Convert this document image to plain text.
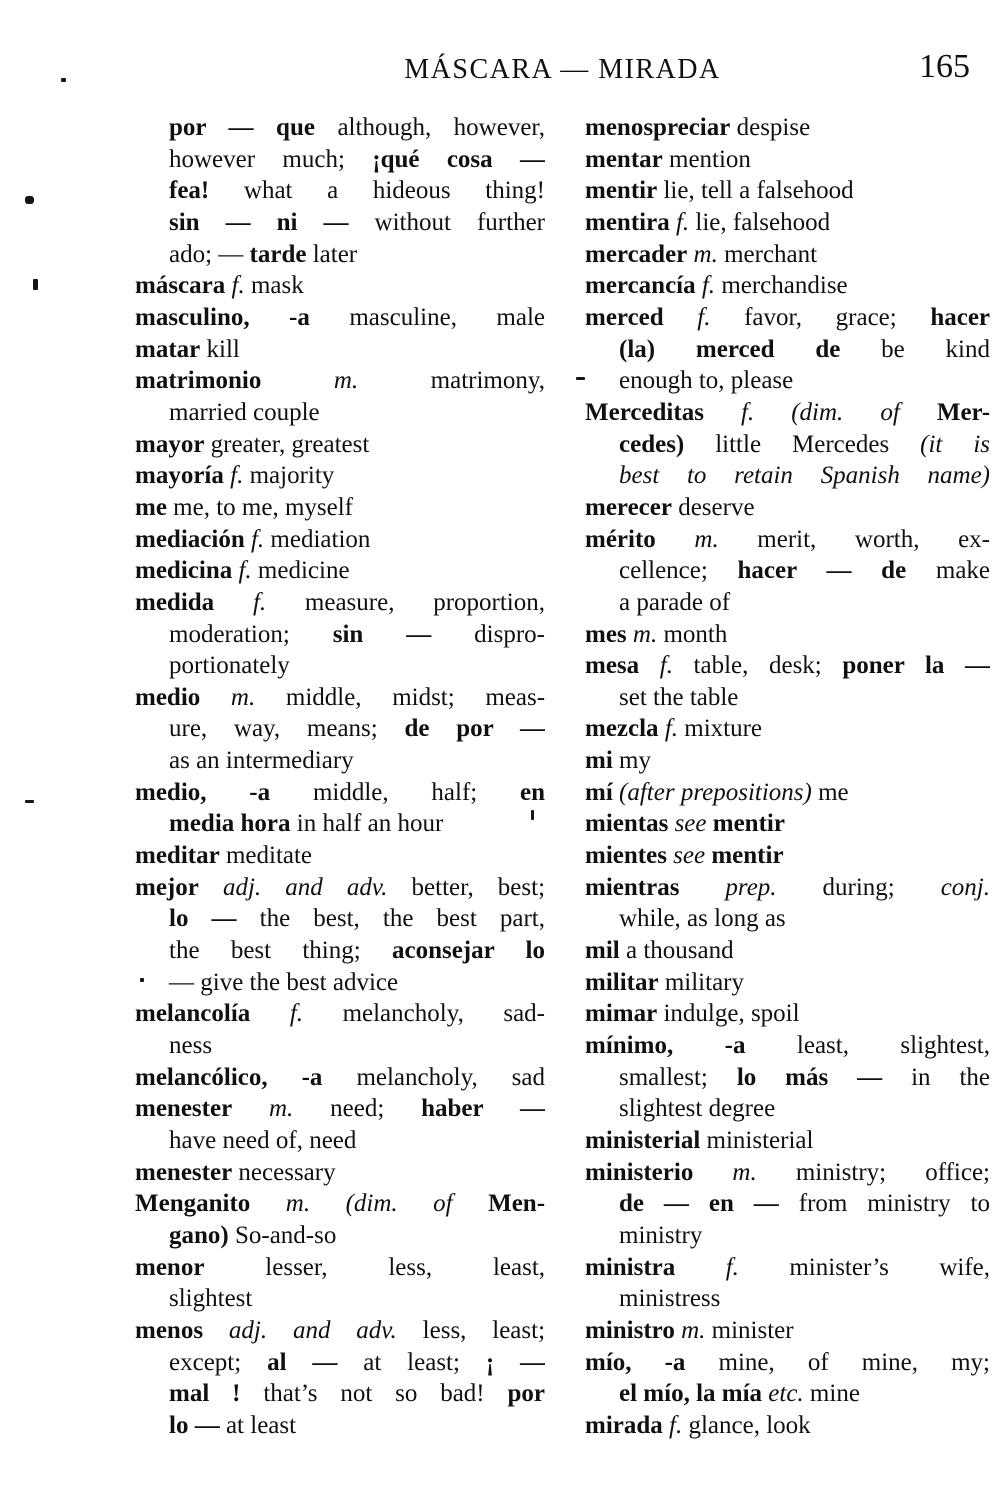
MÁSCARA — MIRADA	165
por — que although, however,
however much; ¡qué cosa —
fea! what a hideous thing!
sin — ni — without further
ado; — tarde later
máscara f. mask
masculino, -a masculine, male
matar kill
matrimonio	m.	matrimony,
married couple
mayor greater, greatest
mayoría f. majority
me me, to me, myself
mediación f. mediation
medicina f. medicine
medida f. measure, proportion,
moderation; sin — dispro-
portionately
medio m. middle, midst; meas-
ure, way, means; de por —
as an intermediary
medio, -a middle, half; en
media hora in half an hour
meditar meditate
mejor adj. and adv. better, best;
lo — the best, the best part,
the best thing; aconsejar lo
— give the best advice
melancolía f. melancholy, sad-
ness
melancólico, -a melancholy, sad
menester m. need; haber —
have need of, need
menester necessary
Menganito m. (dim. of Men-
gano) So-and-so
menor lesser, less, least,
slightest
menos adj. and adv. less, least;
except; al — at least; ¡ —
mal ! that’s not so bad! por
lo — at least
menospreciar despise
mentar mention
mentir lie, tell a falsehood
mentira f. lie, falsehood
mercader m. merchant
mercancía f. merchandise
merced f. favor, grace; hacer
(la) merced de be kind
enough to, please
Merceditas f. (dim. of Mer-
cedes) little Mercedes (it is
best to retain Spanish name)
merecer deserve
mérito m. merit, worth, ex-
cellence; hacer — de make
a parade of
mes m. month
mesa f. table, desk; poner la —
set the table
mezcla f. mixture
mi my
mí (after prepositions) me
mientas see mentir
mientes see mentir
mientras prep. during; conj.
while, as long as
mil a thousand
militar military
mimar indulge, spoil
mínimo, -a least, slightest,
smallest; lo más — in the
slightest degree
ministerial ministerial
ministerio m. ministry; office;
de — en — from ministry to
ministry
ministra f. minister’s wife,
ministress
ministro m. minister
mío, -a mine, of mine, my;
el mío, la mía etc. mine
mirada f. glance, look
